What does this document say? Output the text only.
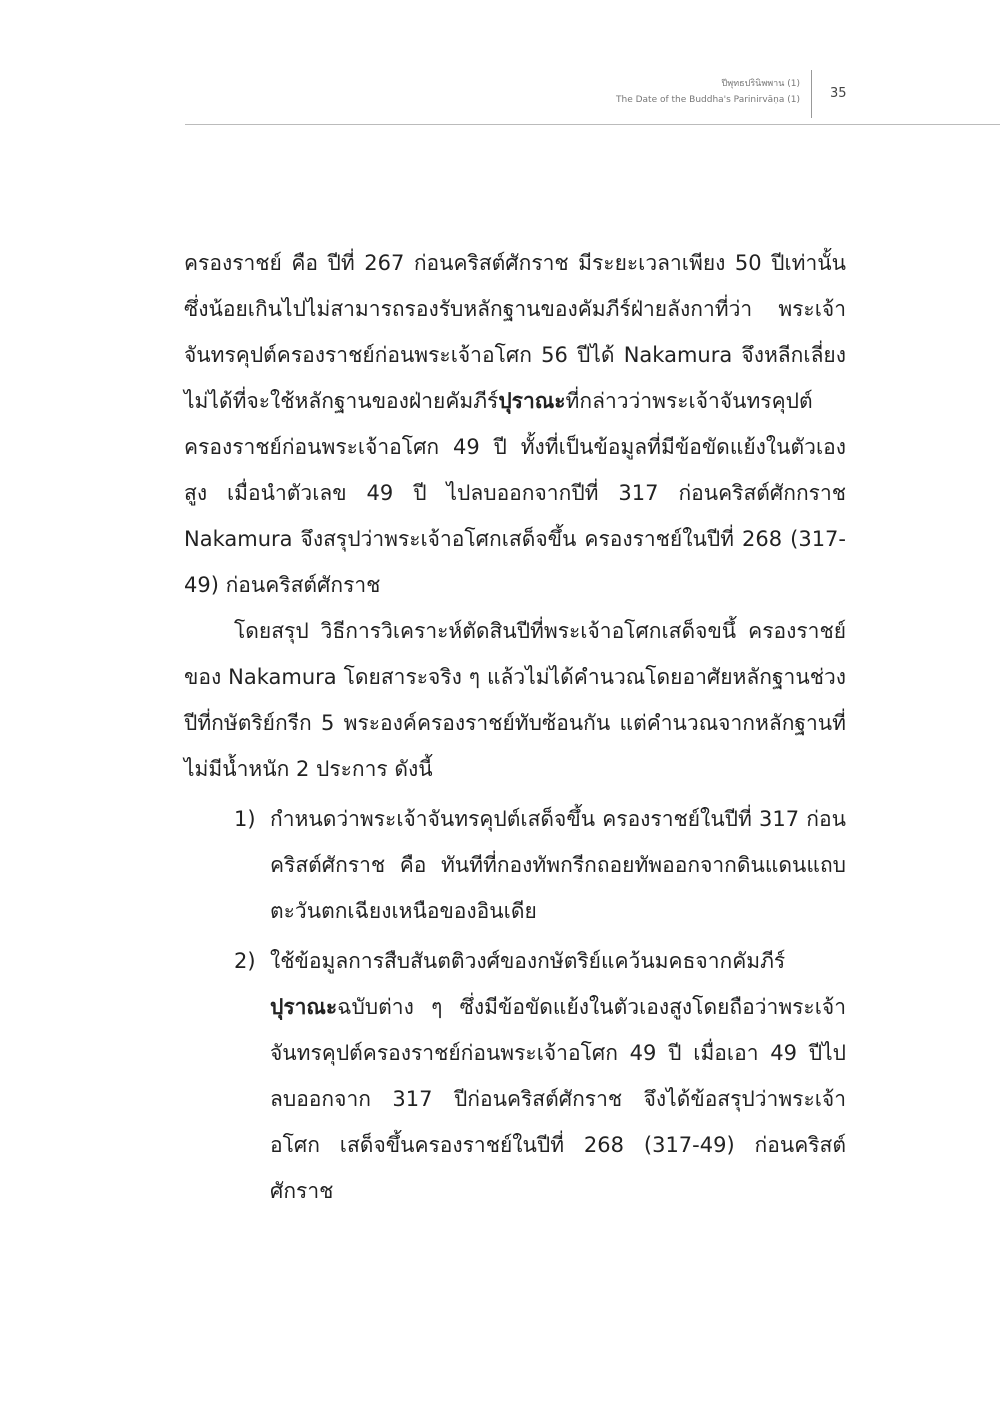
ปีพุทธปรินิพพาน (1)
The Date of the Buddha's Parinirvāṇa (1) 35

ครองราชย์ คือ ปีที่ 267 ก่อนคริสต์ศักราช มีระยะเวลาเพียง 50 ปีเท่านั้น ซึ่งน้อยเกินไปไม่สามารถรองรับหลักฐานของคัมภีร์ฝ่ายลังกาที่ว่า พระเจ้าจันทรคุปต์ครองราชย์ก่อนพระเจ้าอโศก 56 ปีได้ Nakamura จึงหลีกเลี่ยงไม่ได้ที่จะใช้หลักฐานของฝ่ายคัมภีร์ปุราณะที่กล่าวว่าพระเจ้าจันทรคุปต์ครองราชย์ก่อนพระเจ้าอโศก 49 ปี ทั้งที่เป็นข้อมูลที่มีข้อขัดแย้งในตัวเองสูง เมื่อนำตัวเลข 49 ปี ไปลบออกจากปีที่ 317 ก่อนคริสต์ศักกราช Nakamura จึงสรุปว่าพระเจ้าอโศกเสด็จขึ้น ครองราชย์ในปีที่ 268 (317-49) ก่อนคริสต์ศักราช

โดยสรุป วิธีการวิเคราะห์ตัดสินปีที่พระเจ้าอโศกเสด็จขนึ้ ครองราชย์ของ Nakamura โดยสาระจริง ๆ แล้วไม่ได้คำนวณโดยอาศัยหลักฐานช่วงปีที่กษัตริย์กรีก 5 พระองค์ครองราชย์ทับซ้อนกัน แต่คำนวณจากหลักฐานที่ไม่มีน้ำหนัก 2 ประการ ดังนี้

1) กำหนดว่าพระเจ้าจันทรคุปต์เสด็จขึ้น ครองราชย์ในปีที่ 317 ก่อนคริสต์ศักราช คือ ทันทีที่กองทัพกรีกถอยทัพออกจากดินแดนแถบตะวันตกเฉียงเหนือของอินเดีย
2) ใช้ข้อมูลการสืบสันตติวงศ์ของกษัตริย์แคว้นมคธจากคัมภีร์ปุราณะฉบับต่าง ๆ ซึ่งมีข้อขัดแย้งในตัวเองสูงโดยถือว่าพระเจ้าจันทรคุปต์ครองราชย์ก่อนพระเจ้าอโศก 49 ปี เมื่อเอา 49 ปีไปลบออกจาก 317 ปีก่อนคริสต์ศักราช จึงได้ข้อสรุปว่าพระเจ้าอโศก เสด็จขึ้นครองราชย์ในปีที่ 268 (317-49) ก่อนคริสต์ศักราช
